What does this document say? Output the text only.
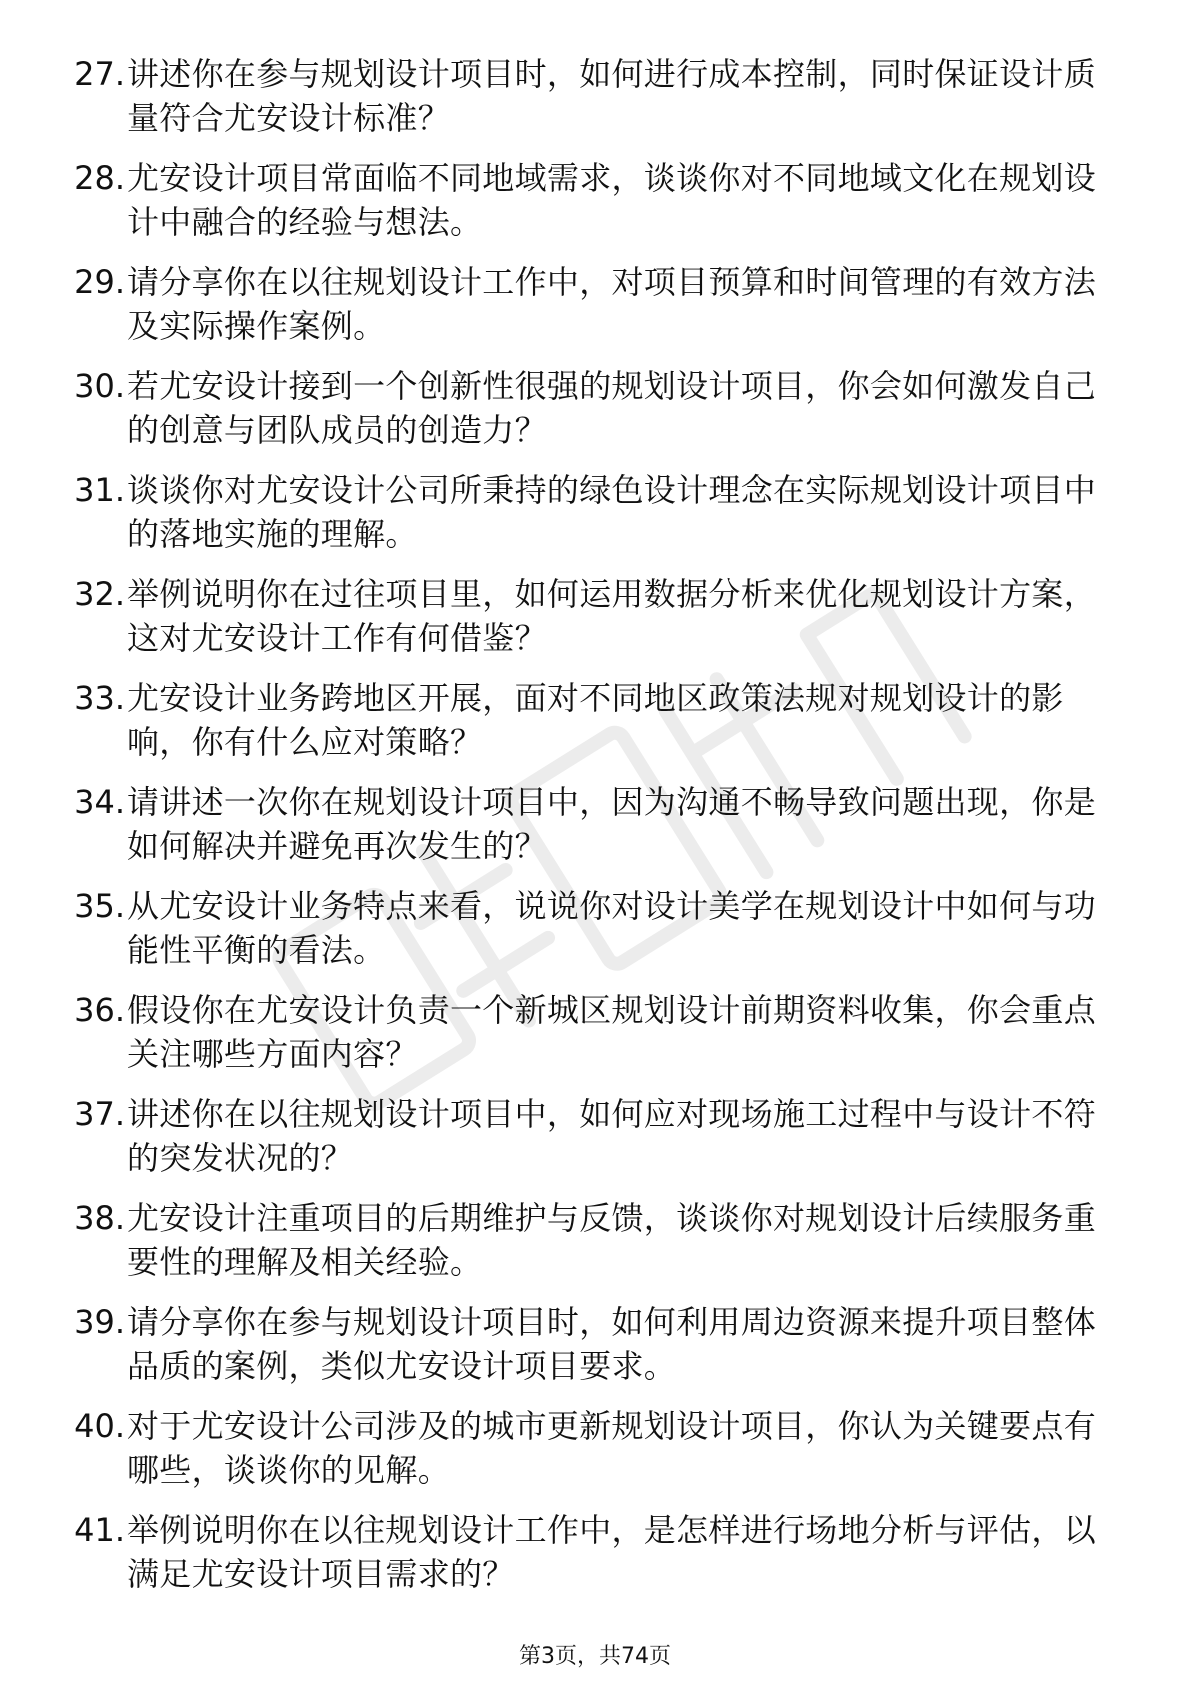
27. 讲述你在参与规划设计项目时，如何进行成本控制，同时保证设计质量符合尤安设计标准？
28. 尤安设计项目常面临不同地域需求，谈谈你对不同地域文化在规划设计中融合的经验与想法。
29. 请分享你在以往规划设计工作中，对项目预算和时间管理的有效方法及实际操作案例。
30. 若尤安设计接到一个创新性很强的规划设计项目，你会如何激发自己的创意与团队成员的创造力？
31. 谈谈你对尤安设计公司所秉持的绿色设计理念在实际规划设计项目中的落地实施的理解。
32. 举例说明你在过往项目里，如何运用数据分析来优化规划设计方案，这对尤安设计工作有何借鉴？
33. 尤安设计业务跨地区开展，面对不同地区政策法规对规划设计的影响，你有什么应对策略？
34. 请讲述一次你在规划设计项目中，因为沟通不畅导致问题出现，你是如何解决并避免再次发生的？
35. 从尤安设计业务特点来看，说说你对设计美学在规划设计中如何与功能性平衡的看法。
36. 假设你在尤安设计负责一个新城区规划设计前期资料收集，你会重点关注哪些方面内容？
37. 讲述你在以往规划设计项目中，如何应对现场施工过程中与设计不符的突发状况的？
38. 尤安设计注重项目的后期维护与反馈，谈谈你对规划设计后续服务重要性的理解及相关经验。
39. 请分享你在参与规划设计项目时，如何利用周边资源来提升项目整体品质的案例，类似尤安设计项目要求。
40. 对于尤安设计公司涉及的城市更新规划设计项目，你认为关键要点有哪些，谈谈你的见解。
41. 举例说明你在以往规划设计工作中，是怎样进行场地分析与评估，以满足尤安设计项目需求的？
第3页，共74页
